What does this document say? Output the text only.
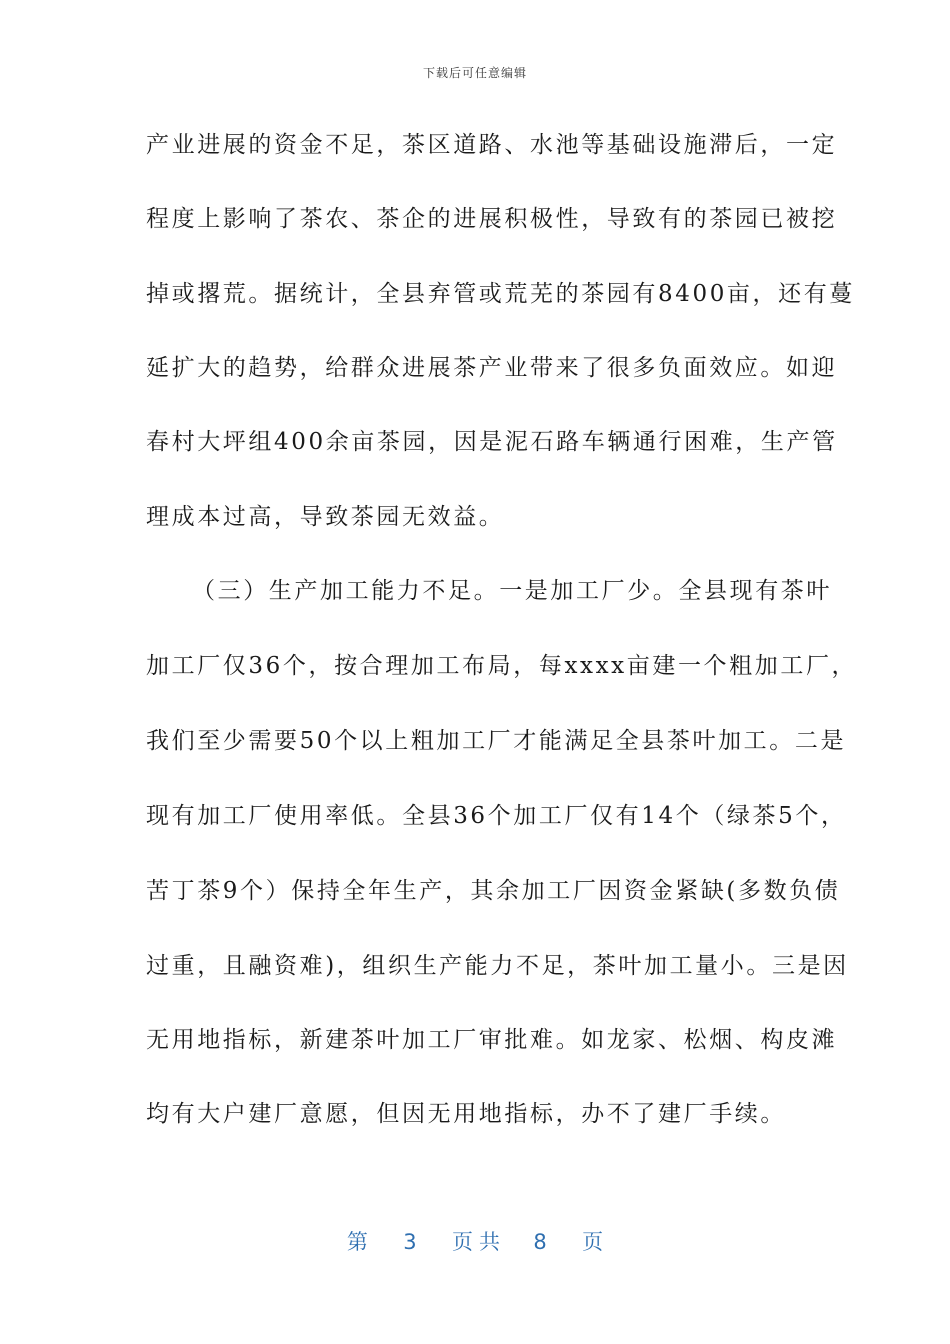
下载后可任意编辑
产业进展的资金不足，茶区道路、水池等基础设施滞后，一定
程度上影响了茶农、茶企的进展积极性，导致有的茶园已被挖
掉或撂荒。据统计，全县弃管或荒芜的茶园有8400亩，还有蔓
延扩大的趋势，给群众进展茶产业带来了很多负面效应。如迎
春村大坪组400余亩茶园，因是泥石路车辆通行困难，生产管
理成本过高，导致茶园无效益。
（三）生产加工能力不足。一是加工厂少。全县现有茶叶
加工厂仅36个，按合理加工布局，每xxxx亩建一个粗加工厂，
我们至少需要50个以上粗加工厂才能满足全县茶叶加工。二是
现有加工厂使用率低。全县36个加工厂仅有14个（绿茶5个，
苦丁茶9个）保持全年生产，其余加工厂因资金紧缺(多数负债
过重，且融资难)，组织生产能力不足，茶叶加工量小。三是因
无用地指标，新建茶叶加工厂审批难。如龙家、松烟、构皮滩
均有大户建厂意愿，但因无用地指标，办不了建厂手续。
第 3 页共 8 页
